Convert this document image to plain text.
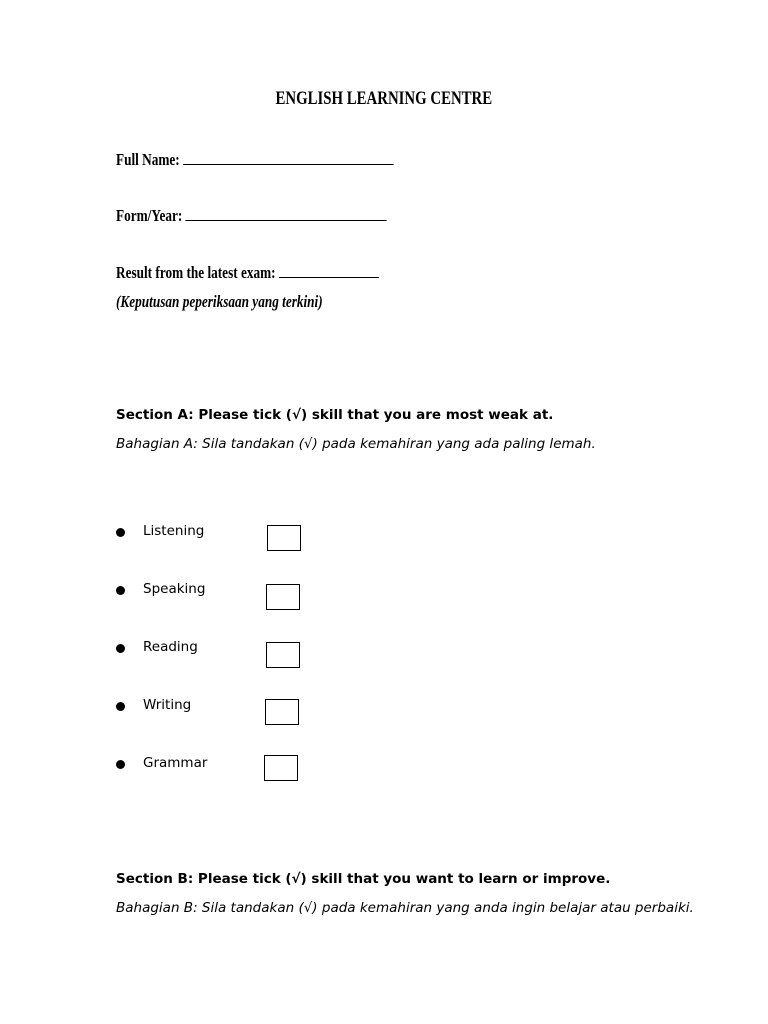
ENGLISH LEARNING CENTRE
Full Name:
Form/Year:
Result from the latest exam:
(Keputusan peperiksaan yang terkini)
Section A: Please tick (√) skill that you are most weak at.
Bahagian A: Sila tandakan (√) pada kemahiran yang ada paling lemah.
Listening
Speaking
Reading
Writing
Grammar
Section B: Please tick (√) skill that you want to learn or improve.
Bahagian B: Sila tandakan (√) pada kemahiran yang anda ingin belajar atau perbaiki.
